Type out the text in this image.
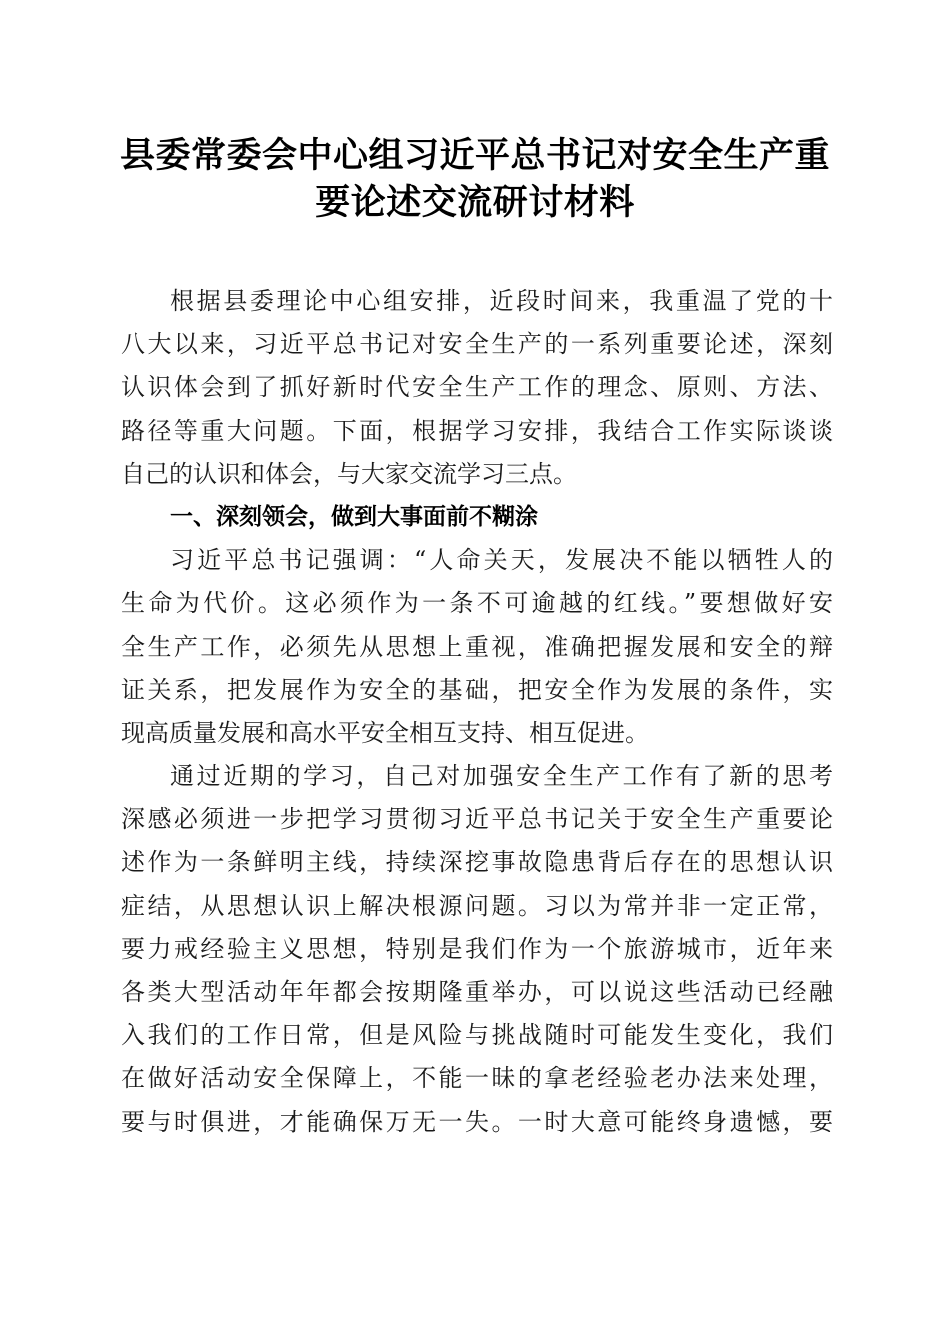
县委常委会中心组习近平总书记对安全生产重
要论述交流研讨材料
根据县委理论中心组安排，近段时间来，我重温了党的十
八大以来，习近平总书记对安全生产的一系列重要论述，深刻
认识体会到了抓好新时代安全生产工作的理念、原则、方法、
路径等重大问题。下面，根据学习安排，我结合工作实际谈谈
自己的认识和体会，与大家交流学习三点。
一、深刻领会，做到大事面前不糊涂
习近平总书记强调：“人命关天，发展决不能以牺牲人的
生命为代价。这必须作为一条不可逾越的红线。”要想做好安
全生产工作，必须先从思想上重视，准确把握发展和安全的辩
证关系，把发展作为安全的基础，把安全作为发展的条件，实
现高质量发展和高水平安全相互支持、相互促进。
通过近期的学习，自己对加强安全生产工作有了新的思考
深感必须进一步把学习贯彻习近平总书记关于安全生产重要论
述作为一条鲜明主线，持续深挖事故隐患背后存在的思想认识
症结，从思想认识上解决根源问题。习以为常并非一定正常，
要力戒经验主义思想，特别是我们作为一个旅游城市，近年来
各类大型活动年年都会按期隆重举办，可以说这些活动已经融
入我们的工作日常，但是风险与挑战随时可能发生变化，我们
在做好活动安全保障上，不能一昧的拿老经验老办法来处理，
要与时俱进，才能确保万无一失。一时大意可能终身遗憾，要
